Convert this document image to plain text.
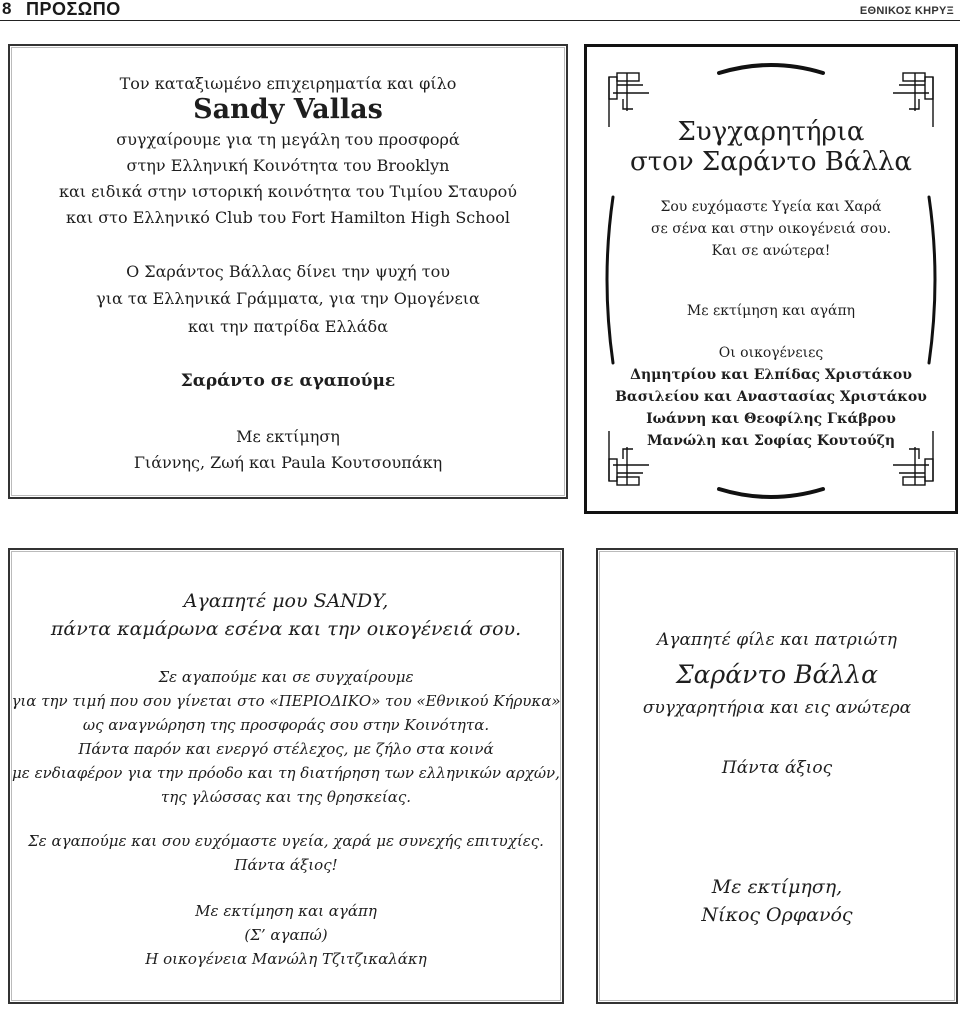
8 ΠΡΟΣΩΠΟ	ΕΘΝΙΚΟΣ ΚΗΡΥΞ

Τον καταξιωμένο επιχειρηματία και φίλο

Sandy Vallas

συγχαίρουμε για τη μεγάλη του προσφορά

στην Ελληνική Κοινότητα του Brooklyn

και ειδικά στην ιστορική κοινότητα του Τιμίου Σταυρού

και στο Ελληνικό Club του Fort Hamilton High School

Ο Σαράντος Βάλλας δίνει την ψυχή του

για τα Ελληνικά Γράμματα, για την Ομογένεια

και την πατρίδα Ελλάδα

Σαράντο σε αγαπούμε

Με εκτίμηση

Γιάννης, Ζωή και Paula Κουτσουπάκη

Συγχαρητήρια

στον Σαράντο Βάλλα

Σου ευχόμαστε Υγεία και Χαρά

σε σένα και στην οικογένειά σου.

Και σε ανώτερα!

Με εκτίμηση και αγάπη

Οι οικογένειες

Δημητρίου και Ελπίδας Χριστάκου

Βασιλείου και Αναστασίας Χριστάκου

Ιωάννη και Θεοφίλης Γκάβρου

Μανώλη και Σοφίας Κουτούζη

Αγαπητέ μου SANDY,

πάντα καμάρωνα εσένα και την οικογένειά σου.

Σε αγαπούμε και σε συγχαίρουμε

για την τιμή που σου γίνεται στο «ΠΕΡΙΟΔΙΚΟ» του «Εθνικού Κήρυκα»

ως αναγνώρηση της προσφοράς σου στην Κοινότητα.

Πάντα παρόν και ενεργό στέλεχος, με ζήλο στα κοινά

με ενδιαφέρον για την πρόοδο και τη διατήρηση των ελληνικών αρχών,

της γλώσσας και της θρησκείας.

Σε αγαπούμε και σου ευχόμαστε υγεία, χαρά με συνεχής επιτυχίες.

Πάντα άξιος!

Με εκτίμηση και αγάπη

(Σ’ αγαπώ)

Η οικογένεια Μανώλη Τζιτζικαλάκη

Αγαπητέ φίλε και πατριώτη

Σαράντο Βάλλα

συγχαρητήρια και εις ανώτερα

Πάντα άξιος

Με εκτίμηση,

Νίκος Ορφανός
